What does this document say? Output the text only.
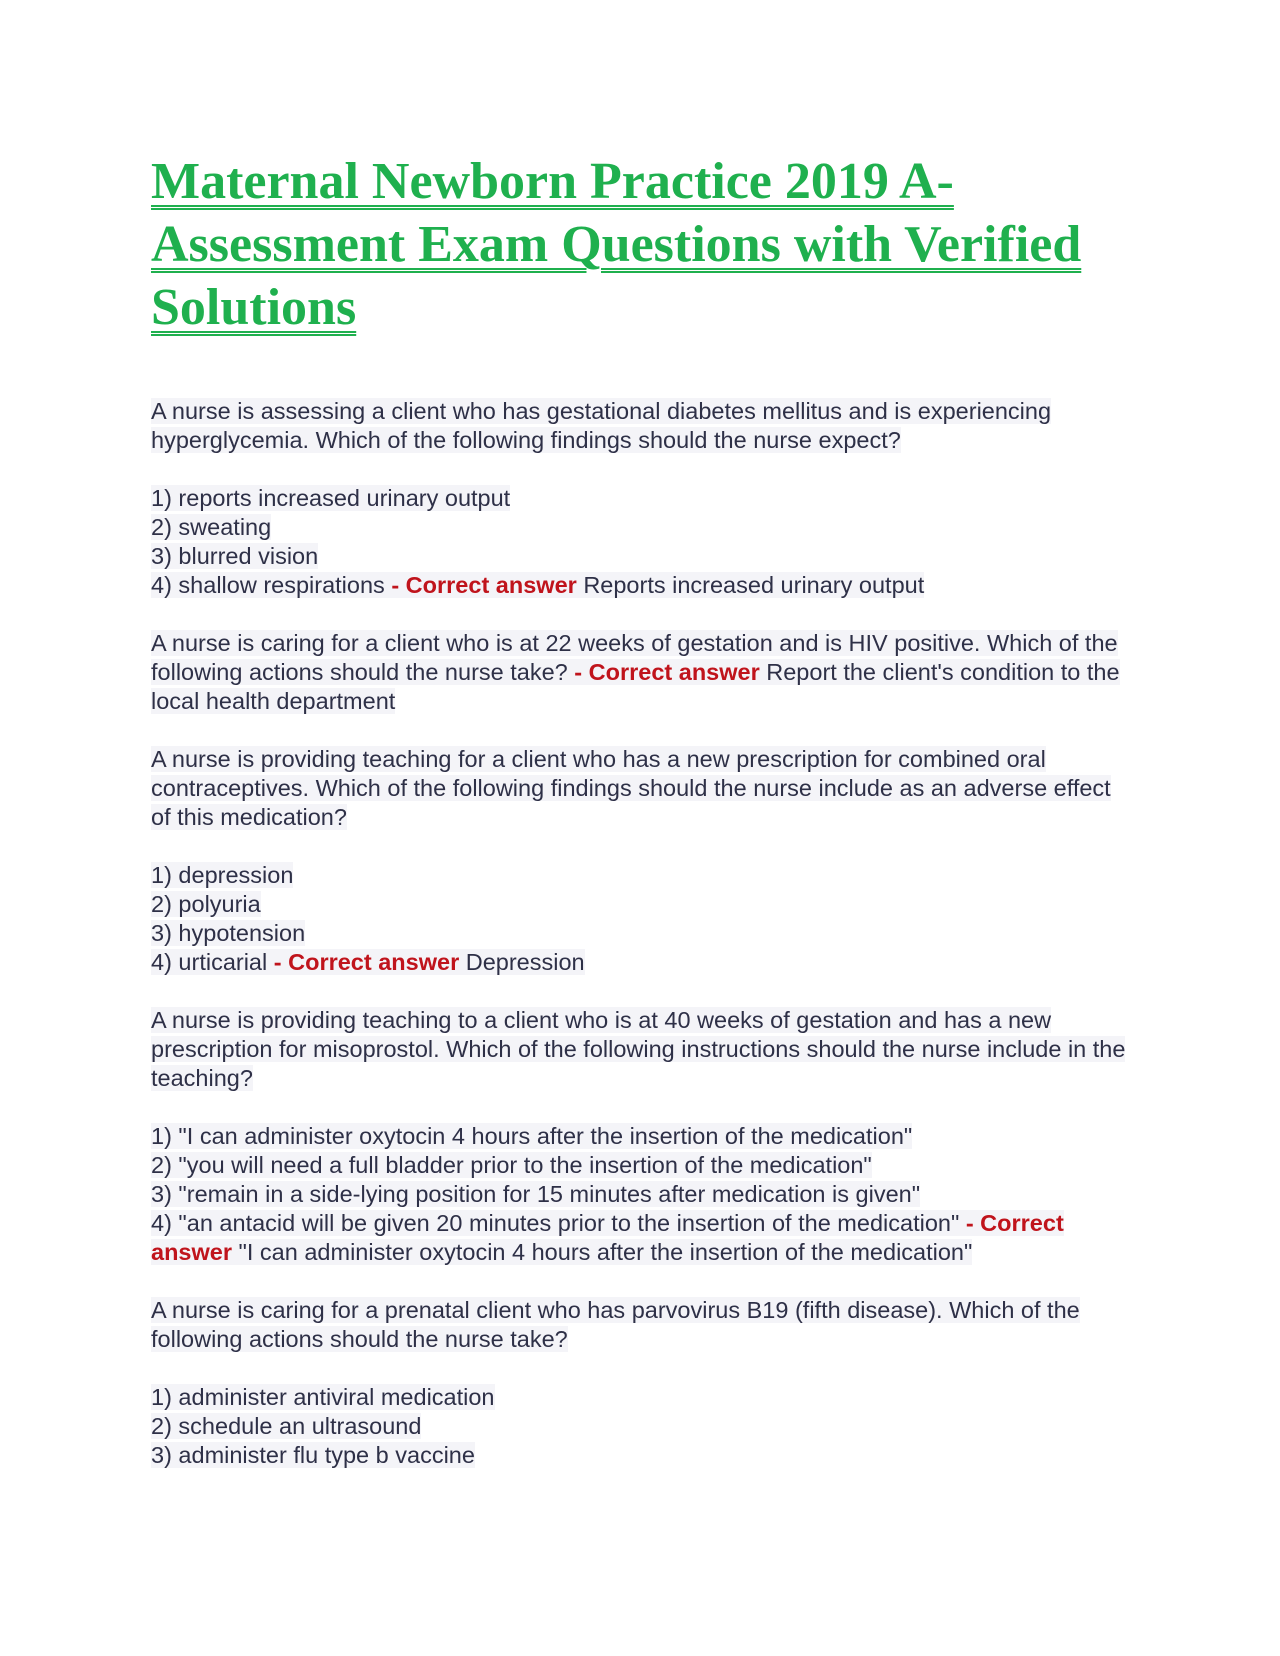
Maternal Newborn Practice 2019 A-Assessment Exam Questions with Verified Solutions

A nurse is assessing a client who has gestational diabetes mellitus and is experiencing hyperglycemia. Which of the following findings should the nurse expect?

1) reports increased urinary output
2) sweating
3) blurred vision
4) shallow respirations - Correct answer Reports increased urinary output

A nurse is caring for a client who is at 22 weeks of gestation and is HIV positive. Which of the following actions should the nurse take? - Correct answer Report the client's condition to the local health department

A nurse is providing teaching for a client who has a new prescription for combined oral contraceptives. Which of the following findings should the nurse include as an adverse effect of this medication?

1) depression
2) polyuria
3) hypotension
4) urticarial - Correct answer Depression

A nurse is providing teaching to a client who is at 40 weeks of gestation and has a new prescription for misoprostol. Which of the following instructions should the nurse include in the teaching?

1) "I can administer oxytocin 4 hours after the insertion of the medication"
2) "you will need a full bladder prior to the insertion of the medication"
3) "remain in a side-lying position for 15 minutes after medication is given"
4) "an antacid will be given 20 minutes prior to the insertion of the medication" - Correct answer "I can administer oxytocin 4 hours after the insertion of the medication"

A nurse is caring for a prenatal client who has parvovirus B19 (fifth disease). Which of the following actions should the nurse take?

1) administer antiviral medication
2) schedule an ultrasound
3) administer flu type b vaccine
